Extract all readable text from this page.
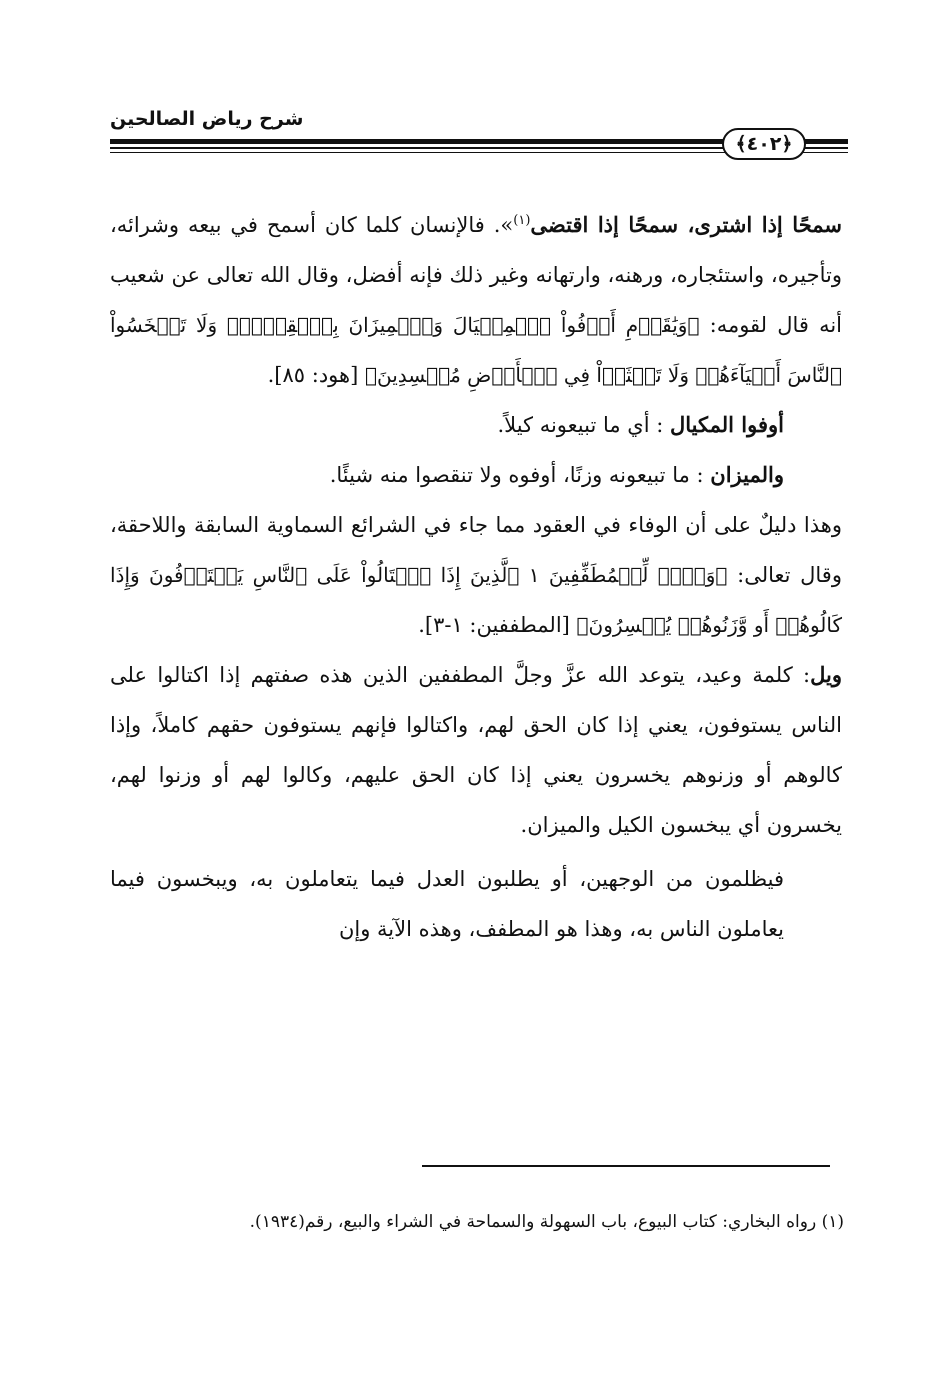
شرح رياض الصالحين
﴿٤٠٢﴾

سمحًا إذا اشترى، سمحًا إذا اقتضى$^{(١)}$». فالإنسان كلما كان أسمح في بيعه وشرائه، وتأجيره، واستئجاره، ورهنه، وارتهانه وغير ذلك فإنه أفضل، وقال الله تعالى عن شعيب أنه قال لقومه: ﴿وَيَٰقَوۡمِ أَوۡفُواْ ٱلۡمِكۡيَالَ وَٱلۡمِيزَانَ بِٱلۡقِسۡطِۖ وَلَا تَبۡخَسُواْ ٱلنَّاسَ أَشۡيَآءَهُمۡ وَلَا تَعۡثَوۡاْ فِي ٱلۡأَرۡضِ مُفۡسِدِينَ﴾ [هود: ٨٥].

أوفوا المكيال : أي ما تبيعونه كيلاً.

والميزان : ما تبيعونه وزنًا، أوفوه ولا تنقصوا منه شيئًا.

وهذا دليلٌ على أن الوفاء في العقود مما جاء في الشرائع السماوية السابقة واللاحقة، وقال تعالى: ﴿وَيۡلٞ لِّلۡمُطَفِّفِينَ ١ ٱلَّذِينَ إِذَا ٱكۡتَالُواْ عَلَى ٱلنَّاسِ يَسۡتَوۡفُونَ وَإِذَا كَالُوهُمۡ أَو وَّزَنُوهُمۡ يُخۡسِرُونَ﴾ [المطففين: ١-٣].

ويل: كلمة وعيد، يتوعد الله عزَّ وجلَّ المطففين الذين هذه صفتهم إذا اكتالوا على الناس يستوفون، يعني إذا كان الحق لهم، واكتالوا فإنهم يستوفون حقهم كاملاً، وإذا كالوهم أو وزنوهم يخسرون يعني إذا كان الحق عليهم، وكالوا لهم أو وزنوا لهم، يخسرون أي يبخسون الكيل والميزان.

فيظلمون من الوجهين، أو يطلبون العدل فيما يتعاملون به، ويبخسون فيما يعاملون الناس به، وهذا هو المطفف، وهذه الآية وإن

(١) رواه البخاري: كتاب البيوع، باب السهولة والسماحة في الشراء والبيع، رقم(١٩٣٤).
